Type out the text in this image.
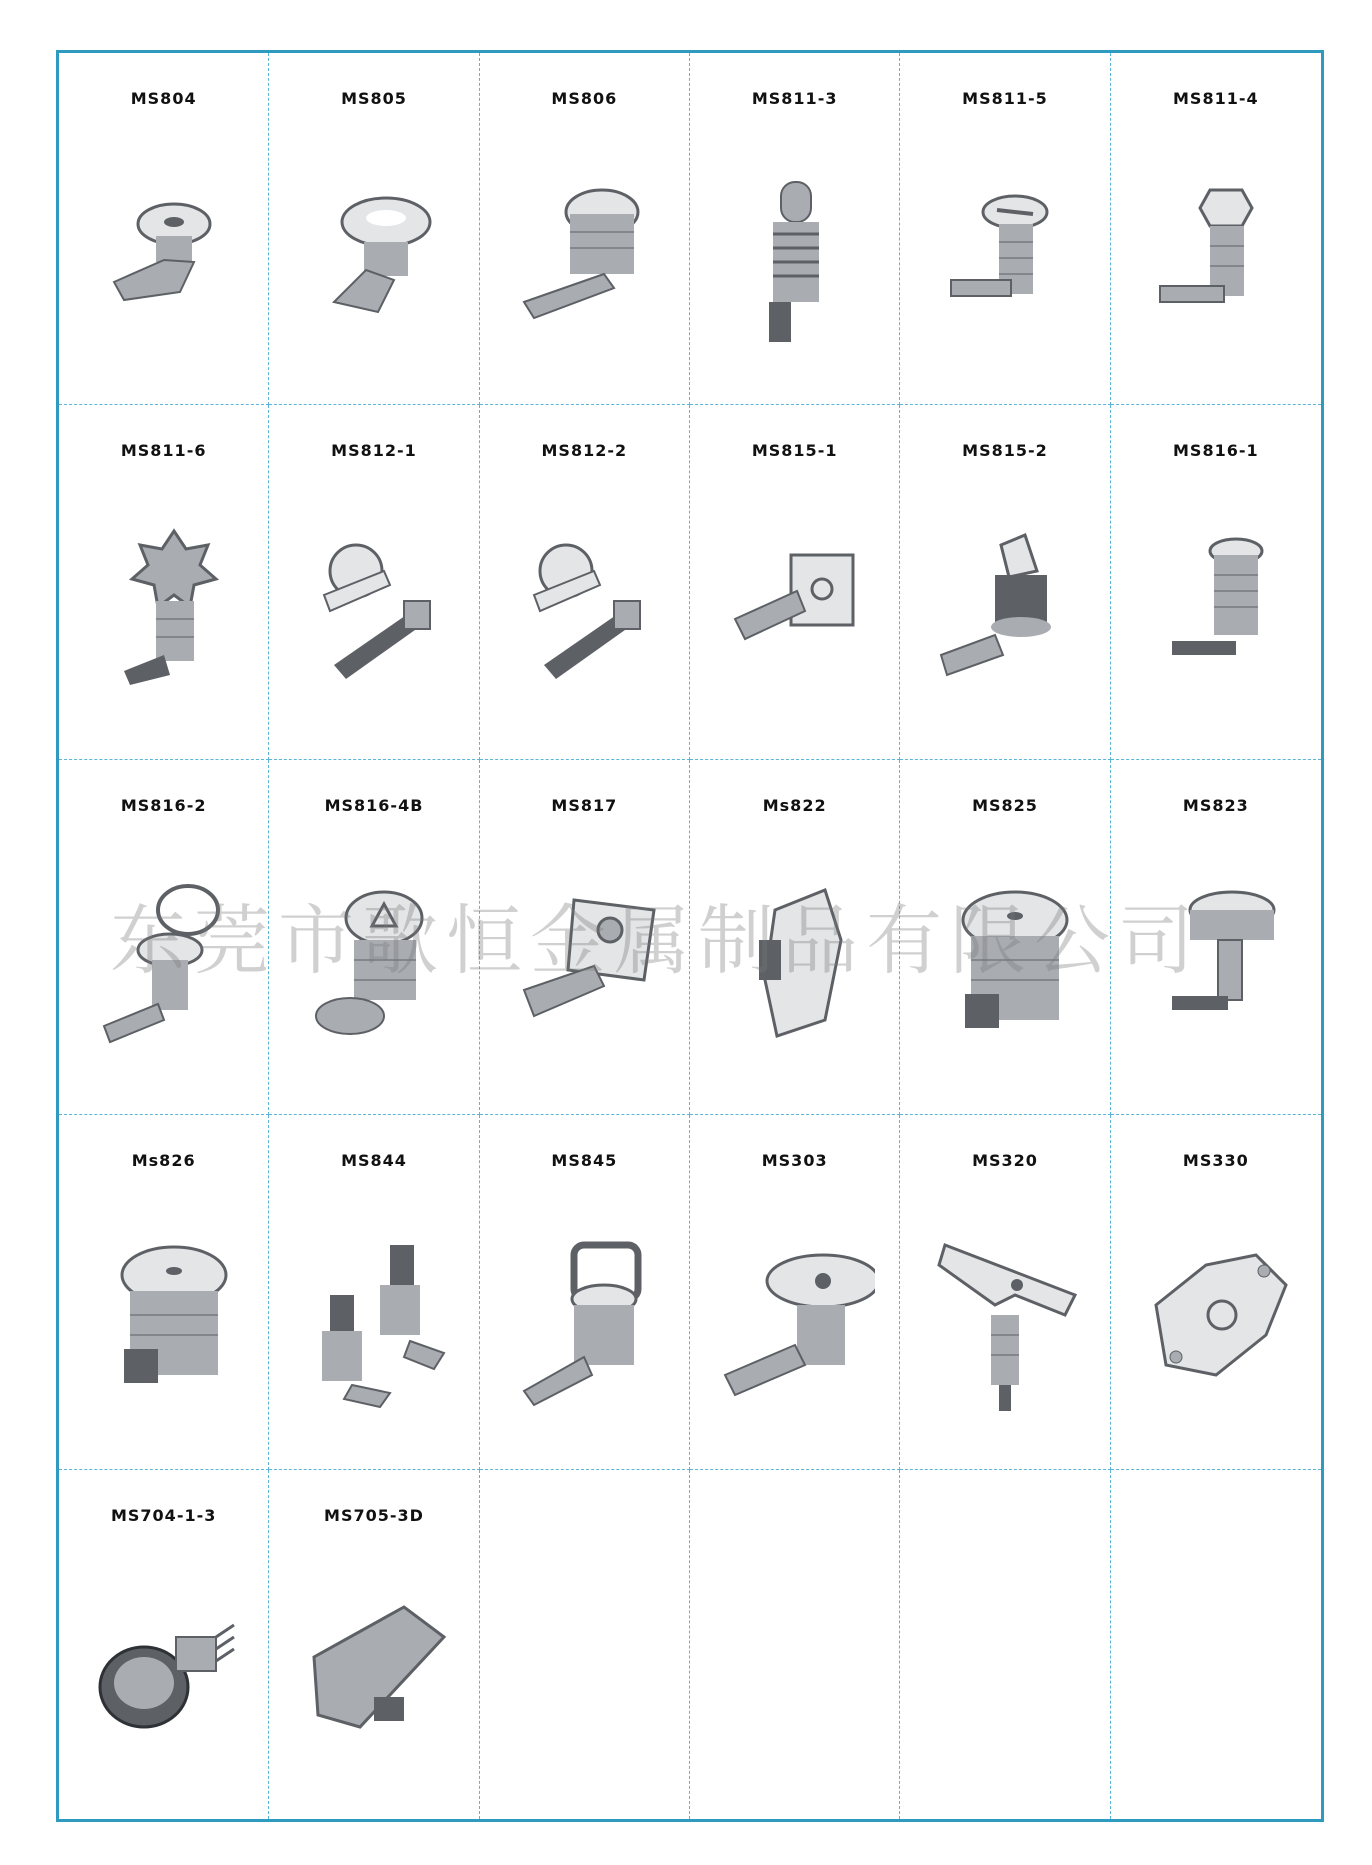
MS804	MS805	MS806	MS811-3	MS811-5	MS811-4
MS811-6	MS812-1	MS812-2	MS815-1	MS815-2	MS816-1
MS816-2	MS816-4B	MS817	Ms822	MS825	MS823
Ms826	MS844	MS845	MS303	MS320	MS330
MS704-1-3	MS705-3D
东莞市歌恒金属制品有限公司
